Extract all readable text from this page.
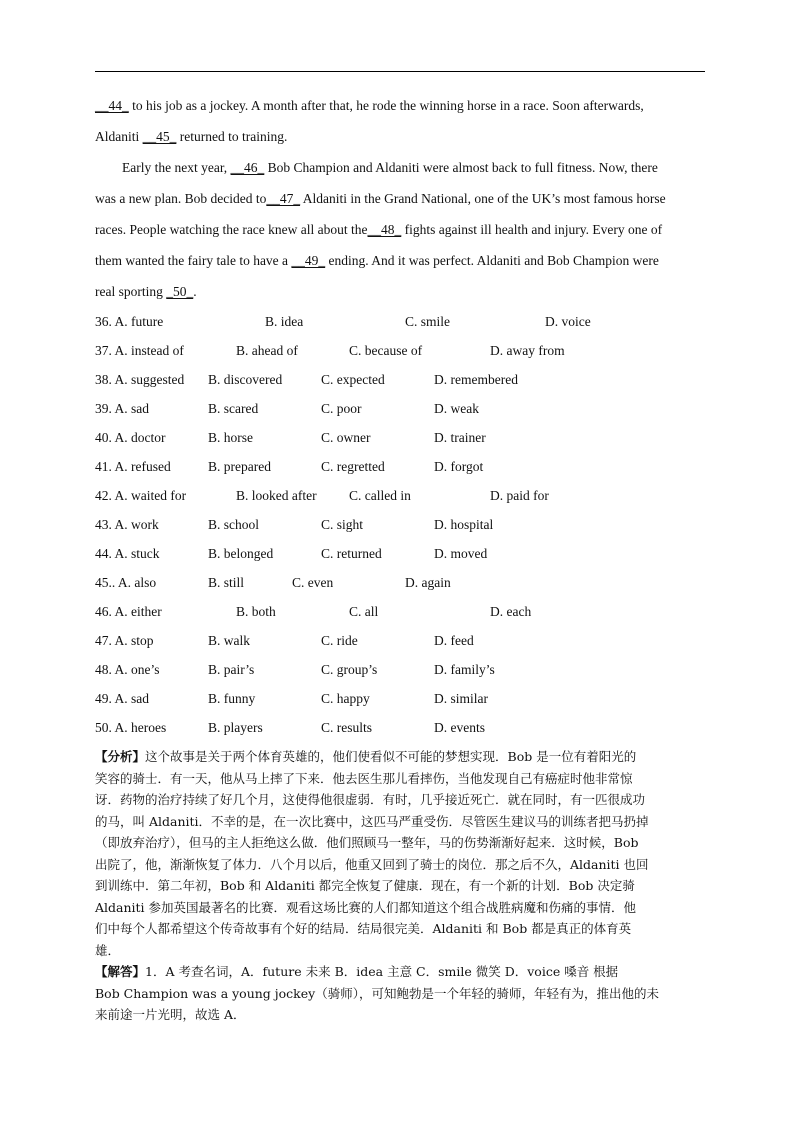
__44_ to his job as a jockey. A month after that, he rode the winning horse in a race. Soon afterwards,
Aldaniti __45_ returned to training.
Early the next year, __46_ Bob Champion and Aldaniti were almost back to full fitness. Now, there
was a new plan. Bob decided to__47_ Aldaniti in the Grand National, one of the UK’s most famous horse
races. People watching the race knew all about the__48_ fights against ill health and injury. Every one of
them wanted the fairy tale to have a __49_ ending. And it was perfect. Aldaniti and Bob Champion were
real sporting _50_.
36. A. future	B. idea	C. smile	D. voice
37. A. instead of	B. ahead of	C. because of	D. away from
38. A. suggested B. discovered	C. expected	D. remembered
39. A. sad	B. scared	C. poor	D. weak
40. A. doctor	B. horse	C. owner	D. trainer
41. A. refused	B. prepared	C. regretted	D. forgot
42. A. waited for	B. looked after C. called in	D. paid for
43. A. work	B. school	C. sight	D. hospital
44. A. stuck	B. belonged	C. returned	D. moved
45.. A. also	B. still	C. even	D. again
46. A. either	B. both	C. all	D. each
47. A. stop	B. walk	C. ride	D. feed
48. A. one’s	B. pair’s	C. group’s	D. family’s
49. A. sad	B. funny	C. happy	D. similar
50. A. heroes	B. players	C. results	D. events
【分析】这个故事是关于两个体育英雄的，他们使看似不可能的梦想实现．Bob 是一位有着阳光的
笑容的骑士．有一天，他从马上摔了下来．他去医生那儿看摔伤，当他发现自己有癌症时他非常惊
讶．药物的治疗持续了好几个月，这使得他很虚弱．有时，几乎接近死亡．就在同时，有一匹很成功
的马，叫 Aldaniti．不幸的是，在一次比赛中，这匹马严重受伤．尽管医生建议马的训练者把马扔掉
（即放弃治疗），但马的主人拒绝这么做．他们照顾马一整年，马的伤势渐渐好起来．这时候，Bob
出院了，他，渐渐恢复了体力．八个月以后，他重又回到了骑士的岗位．那之后不久，Aldaniti 也回
到训练中．第二年初，Bob 和 Aldaniti 都完全恢复了健康．现在，有一个新的计划．Bob 决定骑
Aldaniti 参加英国最著名的比赛．观看这场比赛的人们都知道这个组合战胜病魔和伤痛的事情．他
们中每个人都希望这个传奇故事有个好的结局．结局很完美．Aldaniti 和 Bob 都是真正的体育英
雄．
【解答】1．A 考查名词，A．future 未来 B．idea 主意 C．smile 微笑 D．voice 嗓音 根据
Bob Champion was a young jockey（骑师），可知鲍勃是一个年轻的骑师，年轻有为，推出他的未
来前途一片光明，故选 A．
